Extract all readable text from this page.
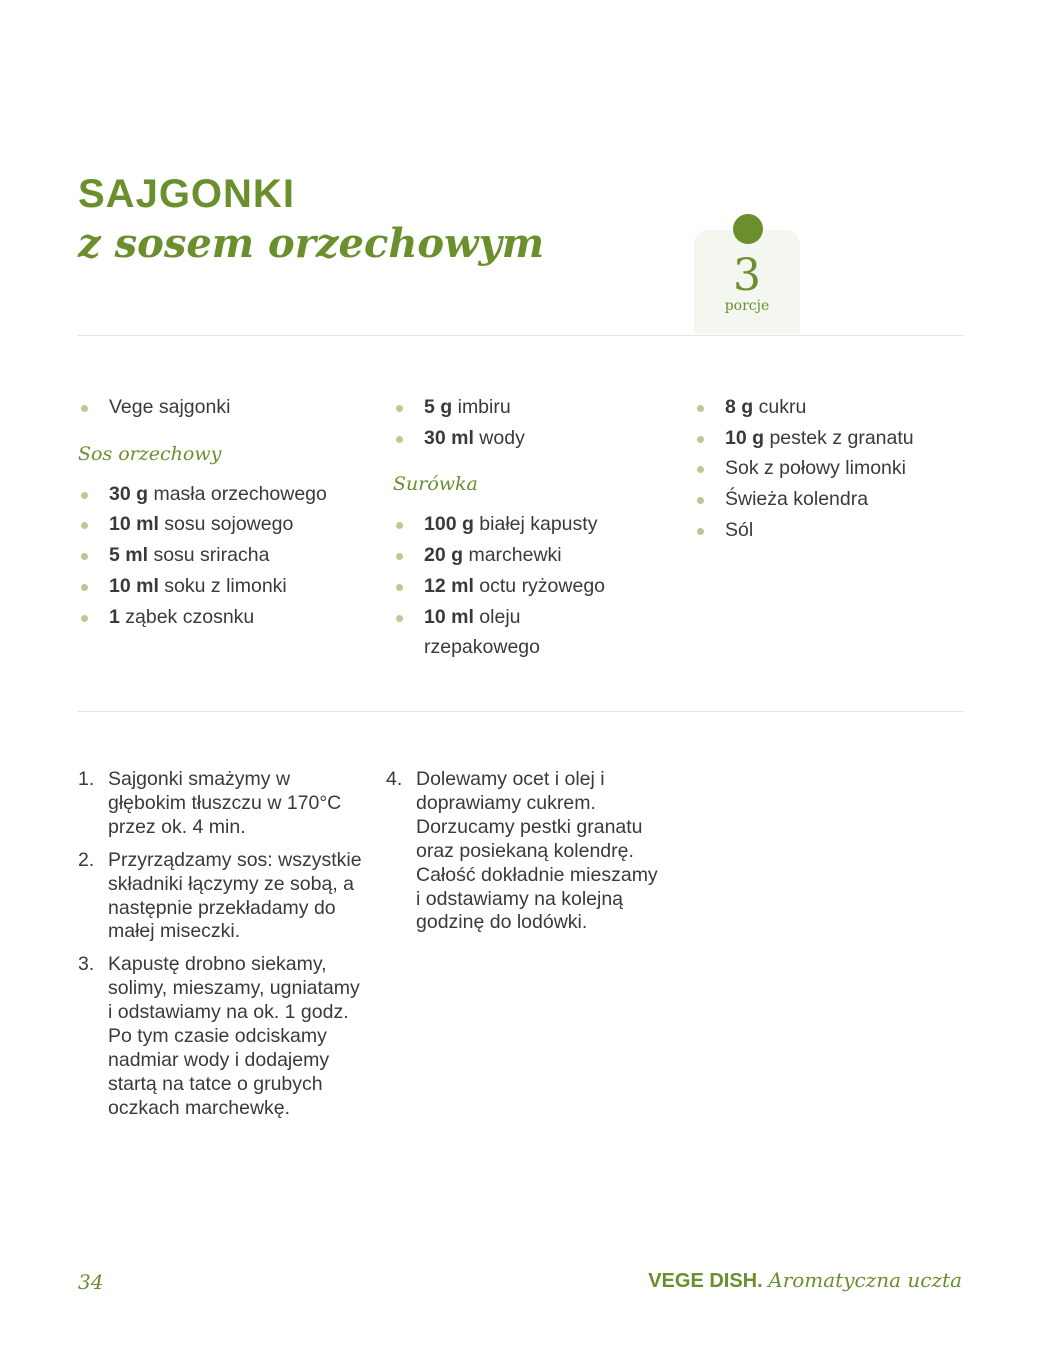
SAJGONKI
z sosem orzechowym
3
porcje
Vege sajgonki
Sos orzechowy
30 g masła orzechowego
10 ml sosu sojowego
5 ml sosu sriracha
10 ml soku z limonki
1 ząbek czosnku
5 g imbiru
30 ml wody
Surówka
100 g białej kapusty
20 g marchewki
12 ml octu ryżowego
10 ml oleju rzepakowego
8 g cukru
10 g pestek z granatu
Sok z połowy limonki
Świeża kolendra
Sól
1. Sajgonki smażymy w głębokim tłuszczu w 170°C przez ok. 4 min.
2. Przyrządzamy sos: wszystkie składniki łączymy ze sobą, a następnie przekładamy do małej miseczki.
3. Kapustę drobno siekamy, solimy, mieszamy, ugniatamy i odstawiamy na ok. 1 godz. Po tym czasie odciskamy nadmiar wody i dodajemy startą na tatce o grubych oczkach marchewkę.
4. Dolewamy ocet i olej i doprawiamy cukrem. Dorzucamy pestki granatu oraz posiekaną kolendrę. Całość dokładnie mieszamy i odstawiamy na kolejną godzinę do lodówki.
34	VEGE DISH. Aromatyczna uczta
